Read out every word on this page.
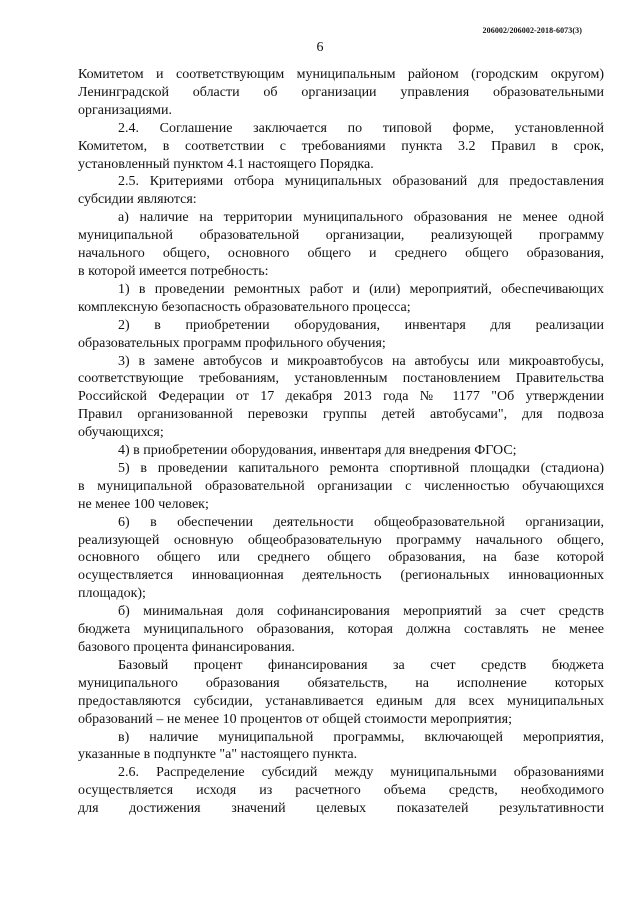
206002/206002-2018-6073(3)
6

Комитетом и соответствующим муниципальным районом (городским округом)
Ленинградской области об организации управления образовательными
организациями.

2.4. Соглашение заключается по типовой форме, установленной
Комитетом, в соответствии с требованиями пункта 3.2 Правил в срок,
установленный пунктом 4.1 настоящего Порядка.

2.5. Критериями отбора муниципальных образований для предоставления
субсидии являются:

а) наличие на территории муниципального образования не менее одной
муниципальной образовательной организации, реализующей программу
начального общего, основного общего и среднего общего образования,
в которой имеется потребность:

1) в проведении ремонтных работ и (или) мероприятий, обеспечивающих
комплексную безопасность образовательного процесса;

2) в приобретении оборудования, инвентаря для реализации
образовательных программ профильного обучения;

3) в замене автобусов и микроавтобусов на автобусы или микроавтобусы,
соответствующие требованиям, установленным постановлением Правительства
Российской Федерации от 17 декабря 2013 года № 1177 "Об утверждении
Правил организованной перевозки группы детей автобусами", для подвоза
обучающихся;

4) в приобретении оборудования, инвентаря для внедрения ФГОС;

5) в проведении капитального ремонта спортивной площадки (стадиона)
в муниципальной образовательной организации с численностью обучающихся
не менее 100 человек;

6) в обеспечении деятельности общеобразовательной организации,
реализующей основную общеобразовательную программу начального общего,
основного общего или среднего общего образования, на базе которой
осуществляется инновационная деятельность (региональных инновационных
площадок);

б) минимальная доля софинансирования мероприятий за счет средств
бюджета муниципального образования, которая должна составлять не менее
базового процента финансирования.

Базовый процент финансирования за счет средств бюджета
муниципального образования обязательств, на исполнение которых
предоставляются субсидии, устанавливается единым для всех муниципальных
образований – не менее 10 процентов от общей стоимости мероприятия;

в) наличие муниципальной программы, включающей мероприятия,
указанные в подпункте "а" настоящего пункта.

2.6. Распределение субсидий между муниципальными образованиями
осуществляется исходя из расчетного объема средств, необходимого
для достижения значений целевых показателей результативности
